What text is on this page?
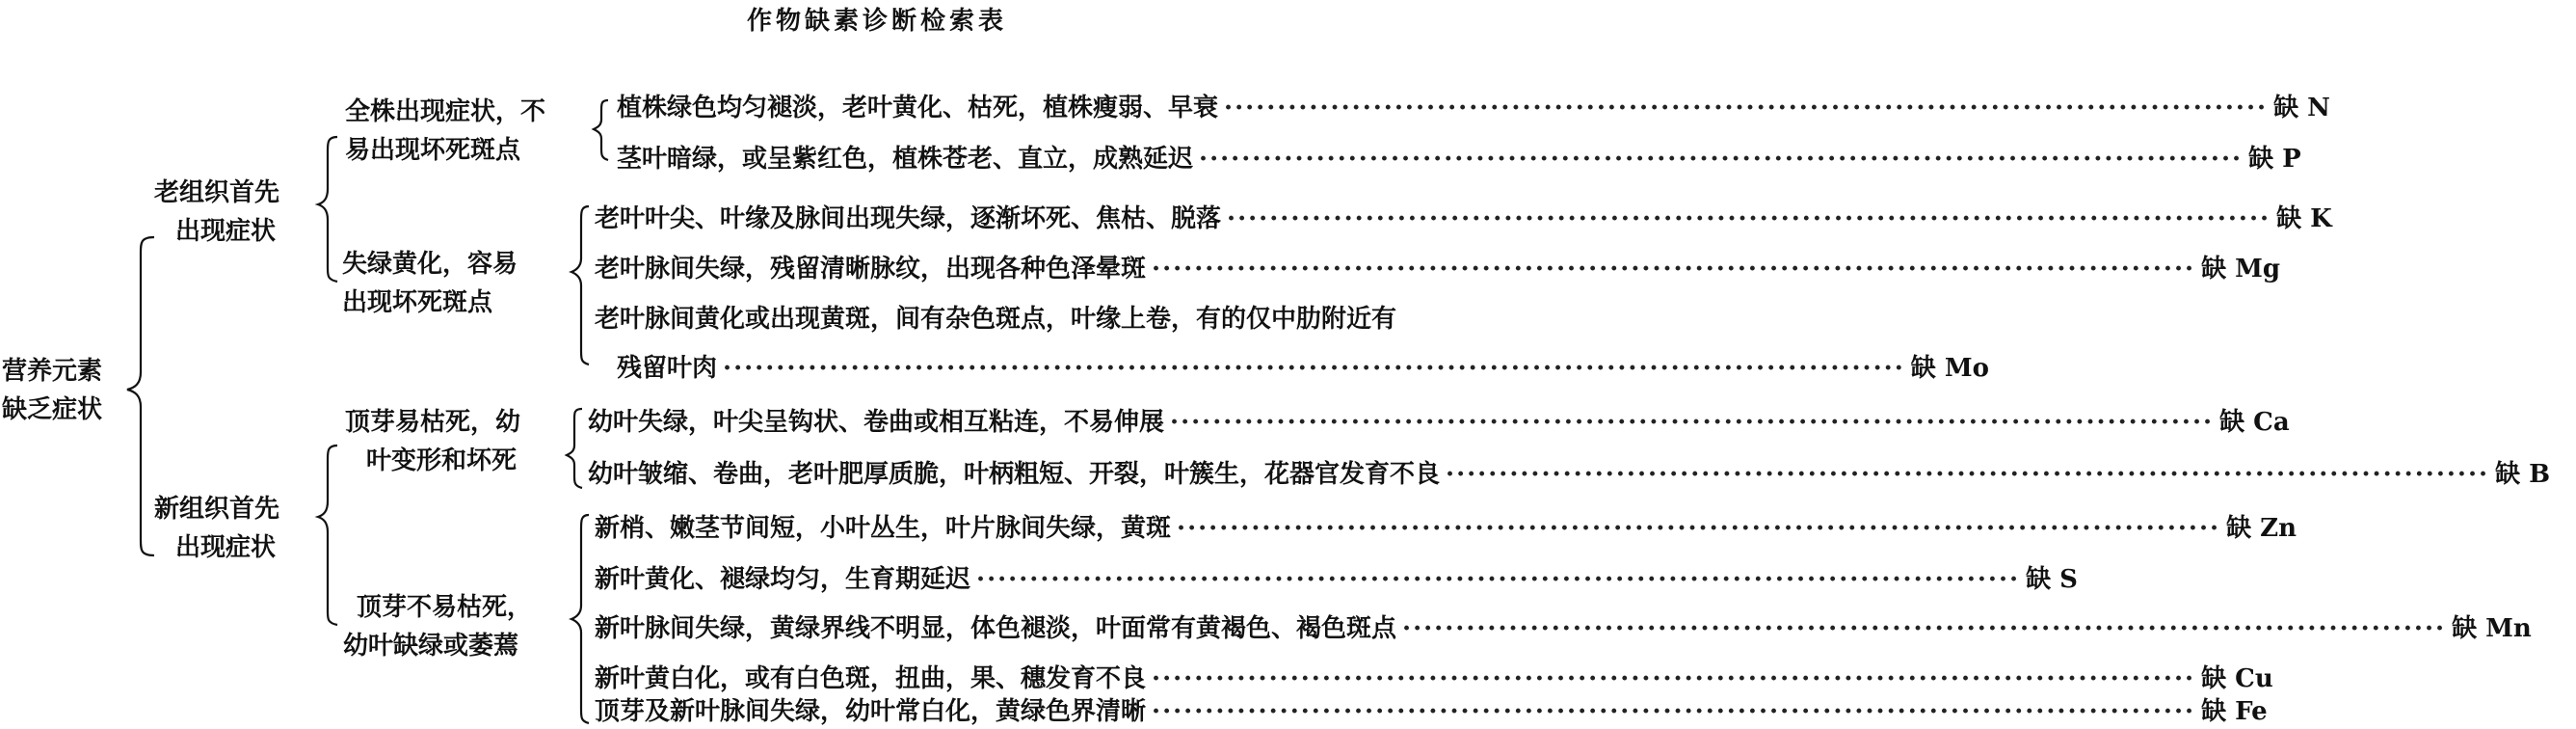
作物缺素诊断检索表
营养元素
缺乏症状
老组织首先
出现症状
新组织首先
出现症状
全株出现症状，不
易出现坏死斑点
失绿黄化，容易
出现坏死斑点
顶芽易枯死，幼
叶变形和坏死
顶芽不易枯死，
幼叶缺绿或萎蔫
植株绿色均匀褪淡，老叶黄化、枯死，植株瘦弱、早衰 ·································································································· 缺 N
茎叶暗绿，或呈紫红色，植株苍老、直立，成熟延迟 ·································································································· 缺 P
老叶叶尖、叶缘及脉间出现失绿，逐渐坏死、焦枯、脱落 ·································································································· 缺 K
老叶脉间失绿，残留清晰脉纹，出现各种色泽晕斑 ·································································································· 缺 Mg
老叶脉间黄化或出现黄斑，间有杂色斑点，叶缘上卷，有的仅中肋附近有
残留叶肉 ··············································································································· 缺 Mo
幼叶失绿，叶尖呈钩状、卷曲或相互粘连，不易伸展 ·································································································· 缺 Ca
幼叶皱缩、卷曲，老叶肥厚质脆，叶柄粗短、开裂，叶簇生，花器官发育不良 ·································································································· 缺 B
新梢、嫩茎节间短，小叶丛生，叶片脉间失绿，黄斑 ·································································································· 缺 Zn
新叶黄化、褪绿均匀，生育期延迟 ·································································································· 缺 S
新叶脉间失绿，黄绿界线不明显，体色褪淡，叶面常有黄褐色、褐色斑点 ·································································································· 缺 Mn
新叶黄白化，或有白色斑，扭曲，果、穗发育不良 ·································································································· 缺 Cu
顶芽及新叶脉间失绿，幼叶常白化，黄绿色界清晰 ·································································································· 缺 Fe
